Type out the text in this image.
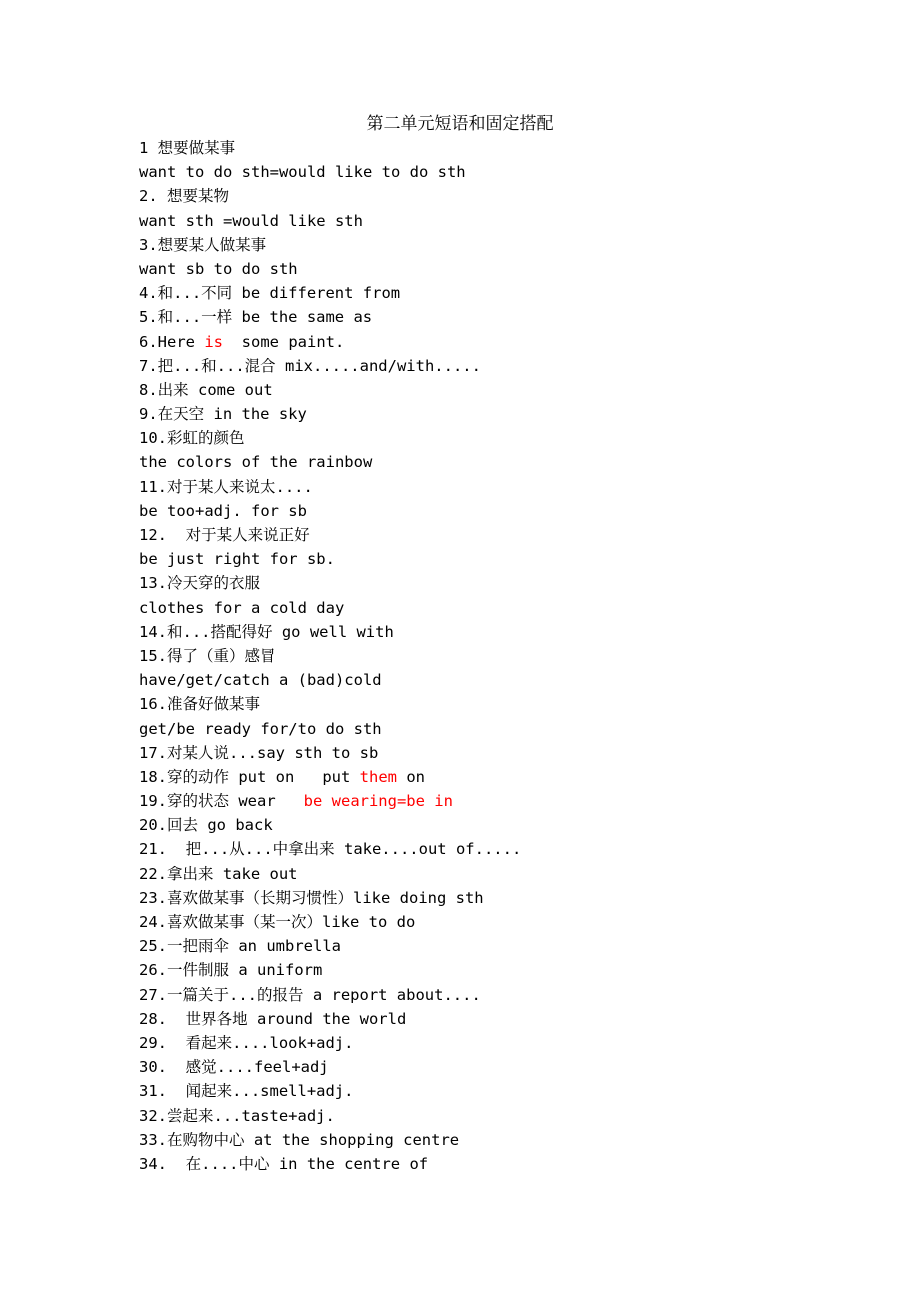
第二单元短语和固定搭配
1 想要做某事
want to do sth=would like to do sth
2. 想要某物
want sth =would like sth
3.想要某人做某事
want sb to do sth
4.和...不同 be different from
5.和...一样 be the same as
6.Here is  some paint.
7.把...和...混合 mix.....and/with.....
8.出来 come out
9.在天空 in the sky
10.彩虹的颜色
the colors of the rainbow
11.对于某人来说太....
be too+adj. for sb
12.  对于某人来说正好
be just right for sb.
13.冷天穿的衣服
clothes for a cold day
14.和...搭配得好 go well with
15.得了（重）感冒
have/get/catch a (bad)cold
16.准备好做某事
get/be ready for/to do sth
17.对某人说...say sth to sb
18.穿的动作 put on   put them on
19.穿的状态 wear   be wearing=be in
20.回去 go back
21.  把...从...中拿出来 take....out of.....
22.拿出来 take out
23.喜欢做某事（长期习惯性）like doing sth
24.喜欢做某事（某一次）like to do
25.一把雨伞 an umbrella
26.一件制服 a uniform
27.一篇关于...的报告 a report about....
28.  世界各地 around the world
29.  看起来....look+adj.
30.  感觉....feel+adj
31.  闻起来...smell+adj.
32.尝起来...taste+adj.
33.在购物中心 at the shopping centre
34.  在....中心 in the centre of
